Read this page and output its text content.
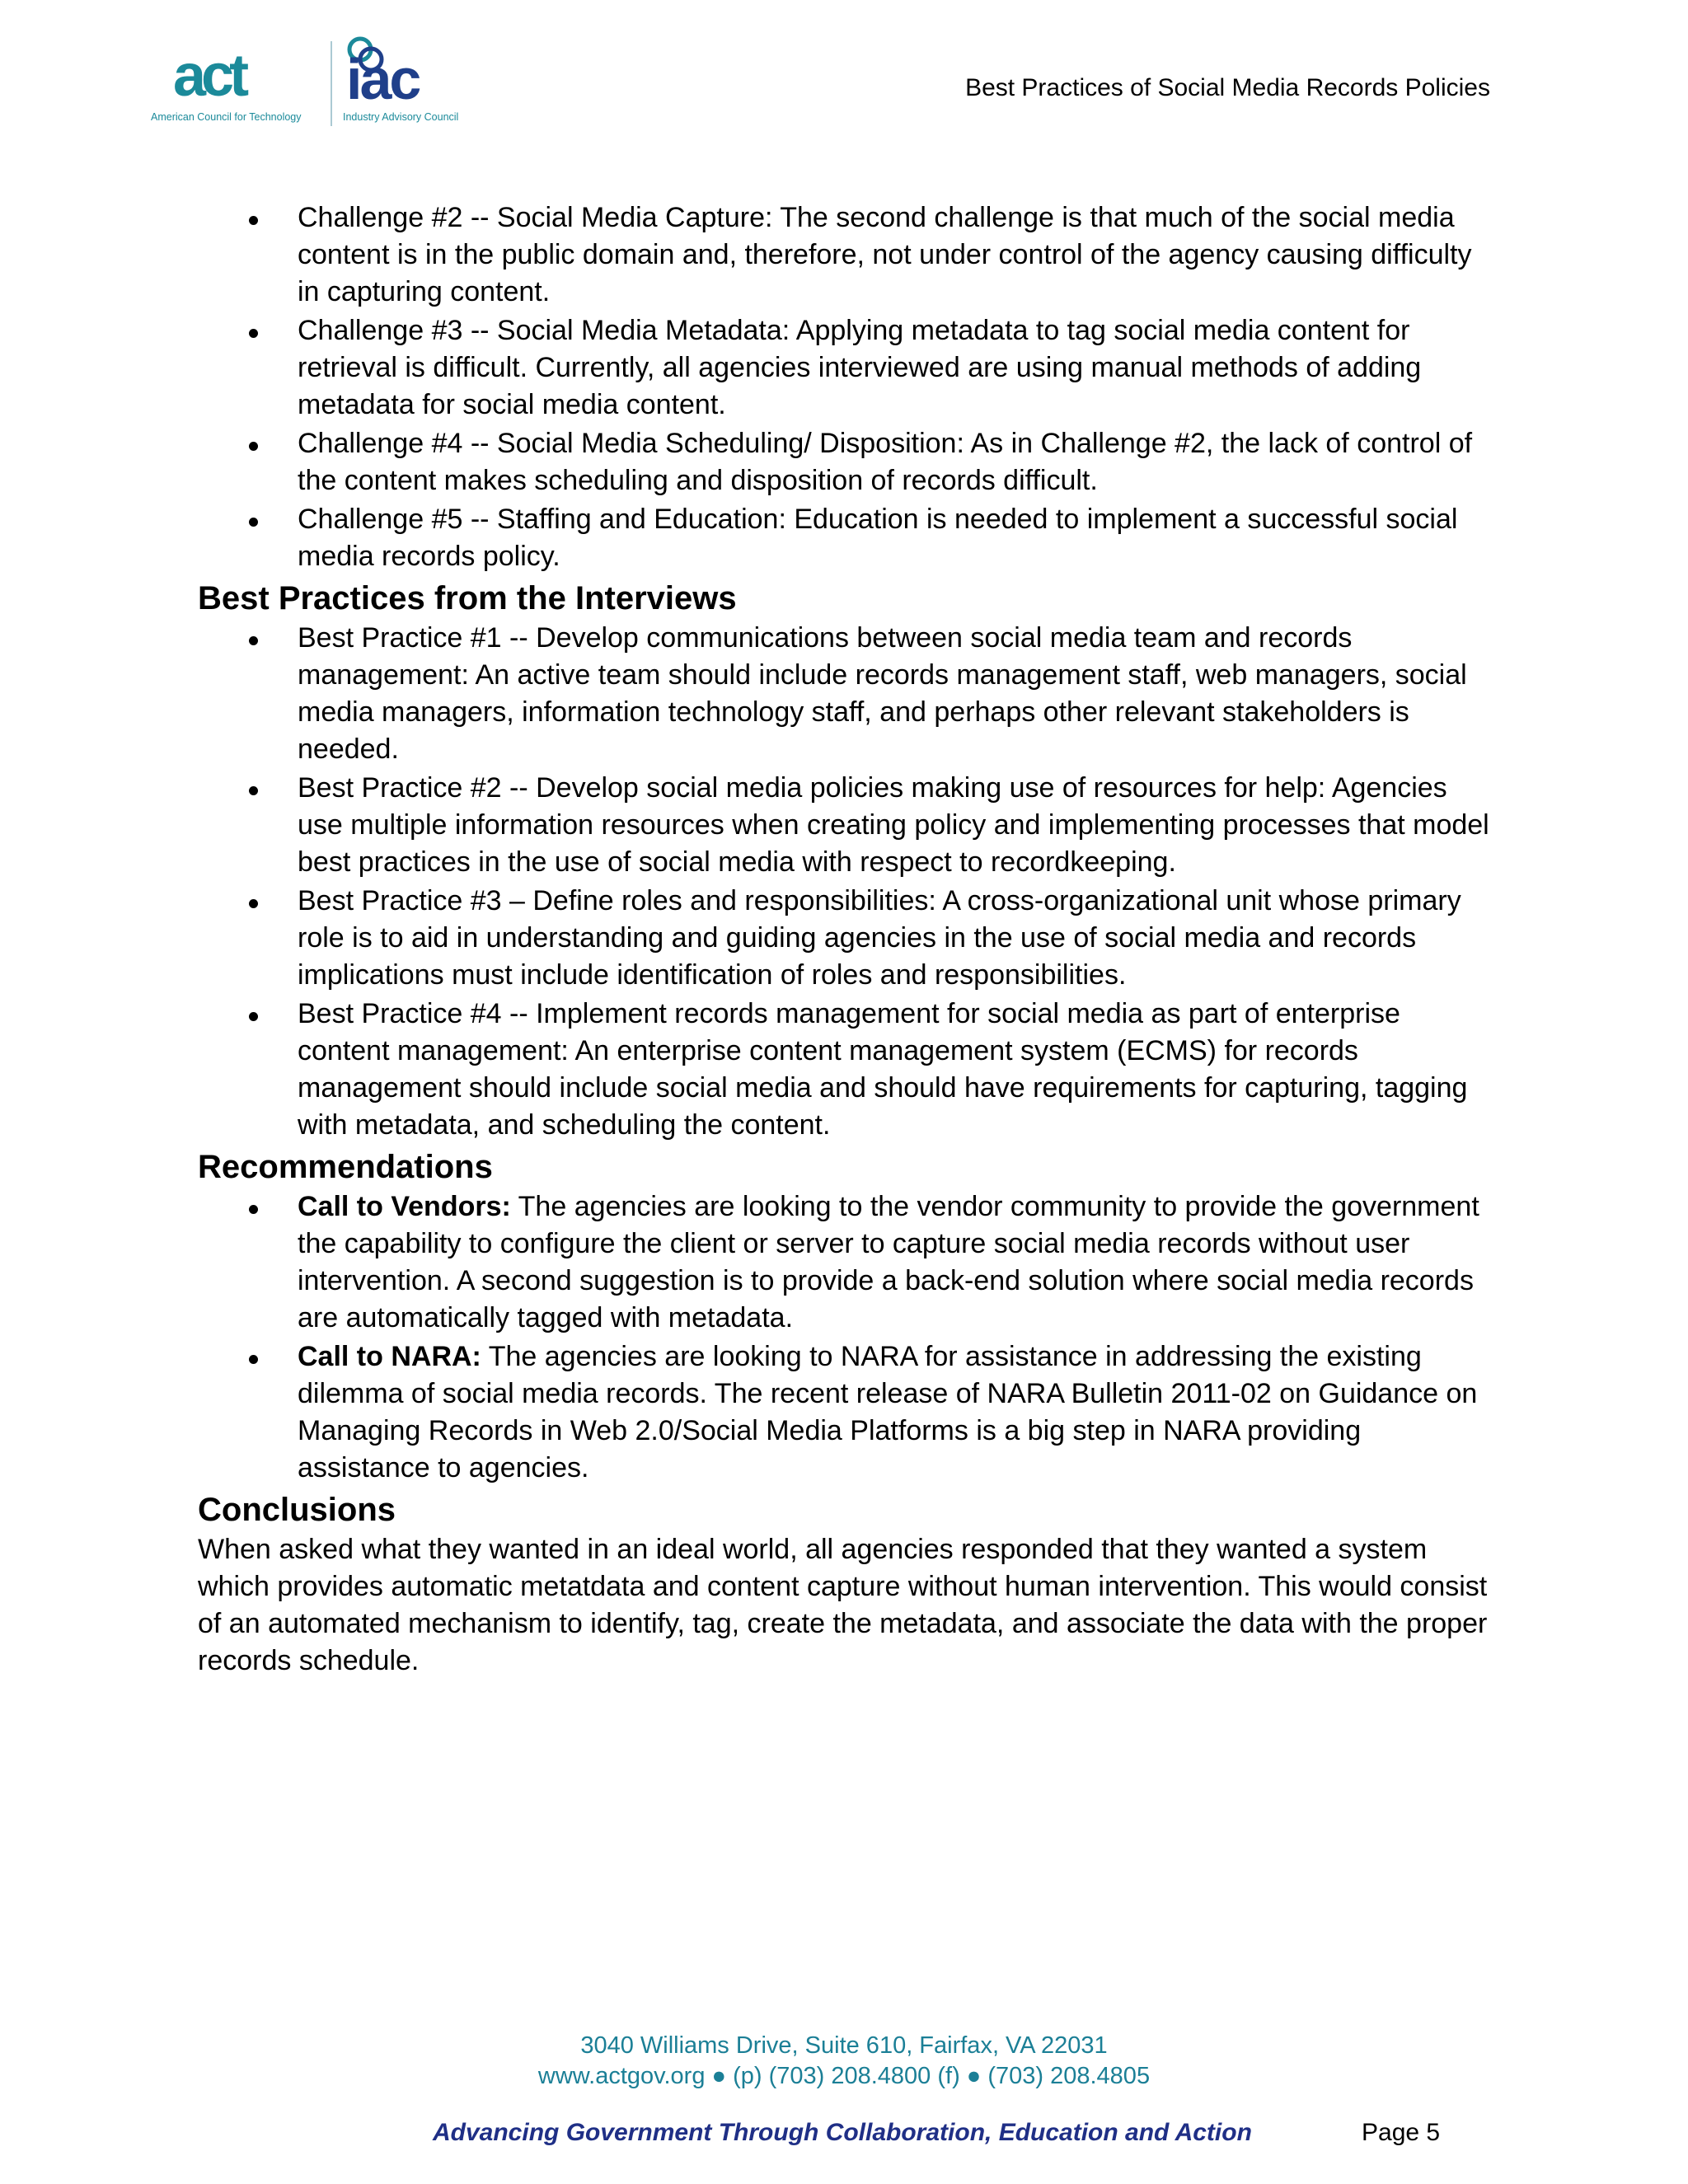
act
American Council for Technology
iac
Industry Advisory Council
Best Practices of Social Media Records Policies
Challenge #2 -- Social Media Capture: The second challenge is that much of the social media content is in the public domain and, therefore, not under control of the agency causing difficulty in capturing content.
Challenge #3 -- Social Media Metadata: Applying metadata to tag social media content for retrieval is difficult. Currently, all agencies interviewed are using manual methods of adding metadata for social media content.
Challenge #4 -- Social Media Scheduling/ Disposition: As in Challenge #2, the lack of control of the content makes scheduling and disposition of records difficult.
Challenge #5 -- Staffing and Education: Education is needed to implement a successful social media records policy.
Best Practices from the Interviews
Best Practice #1 -- Develop communications between social media team and records management: An active team should include records management staff, web managers, social media managers, information technology staff, and perhaps other relevant stakeholders is needed.
Best Practice #2 -- Develop social media policies making use of resources for help: Agencies use multiple information resources when creating policy and implementing processes that model best practices in the use of social media with respect to recordkeeping.
Best Practice #3 – Define roles and responsibilities: A cross-organizational unit whose primary role is to aid in understanding and guiding agencies in the use of social media and records implications must include identification of roles and responsibilities.
Best Practice #4 -- Implement records management for social media as part of enterprise content management: An enterprise content management system (ECMS) for records management should include social media and should have requirements for capturing, tagging with metadata, and scheduling the content.
Recommendations
Call to Vendors: The agencies are looking to the vendor community to provide the government the capability to configure the client or server to capture social media records without user intervention. A second suggestion is to provide a back-end solution where social media records are automatically tagged with metadata.
Call to NARA: The agencies are looking to NARA for assistance in addressing the existing dilemma of social media records. The recent release of NARA Bulletin 2011-02 on Guidance on Managing Records in Web 2.0/Social Media Platforms is a big step in NARA providing assistance to agencies.
Conclusions

When asked what they wanted in an ideal world, all agencies responded that they wanted a system which provides automatic metatdata and content capture without human intervention. This would consist of an automated mechanism to identify, tag, create the metadata, and associate the data with the proper records schedule.

3040 Williams Drive, Suite 610, Fairfax, VA 22031
www.actgov.org ● (p) (703) 208.4800 (f) ● (703) 208.4805
Advancing Government Through Collaboration, Education and Action	Page 5
